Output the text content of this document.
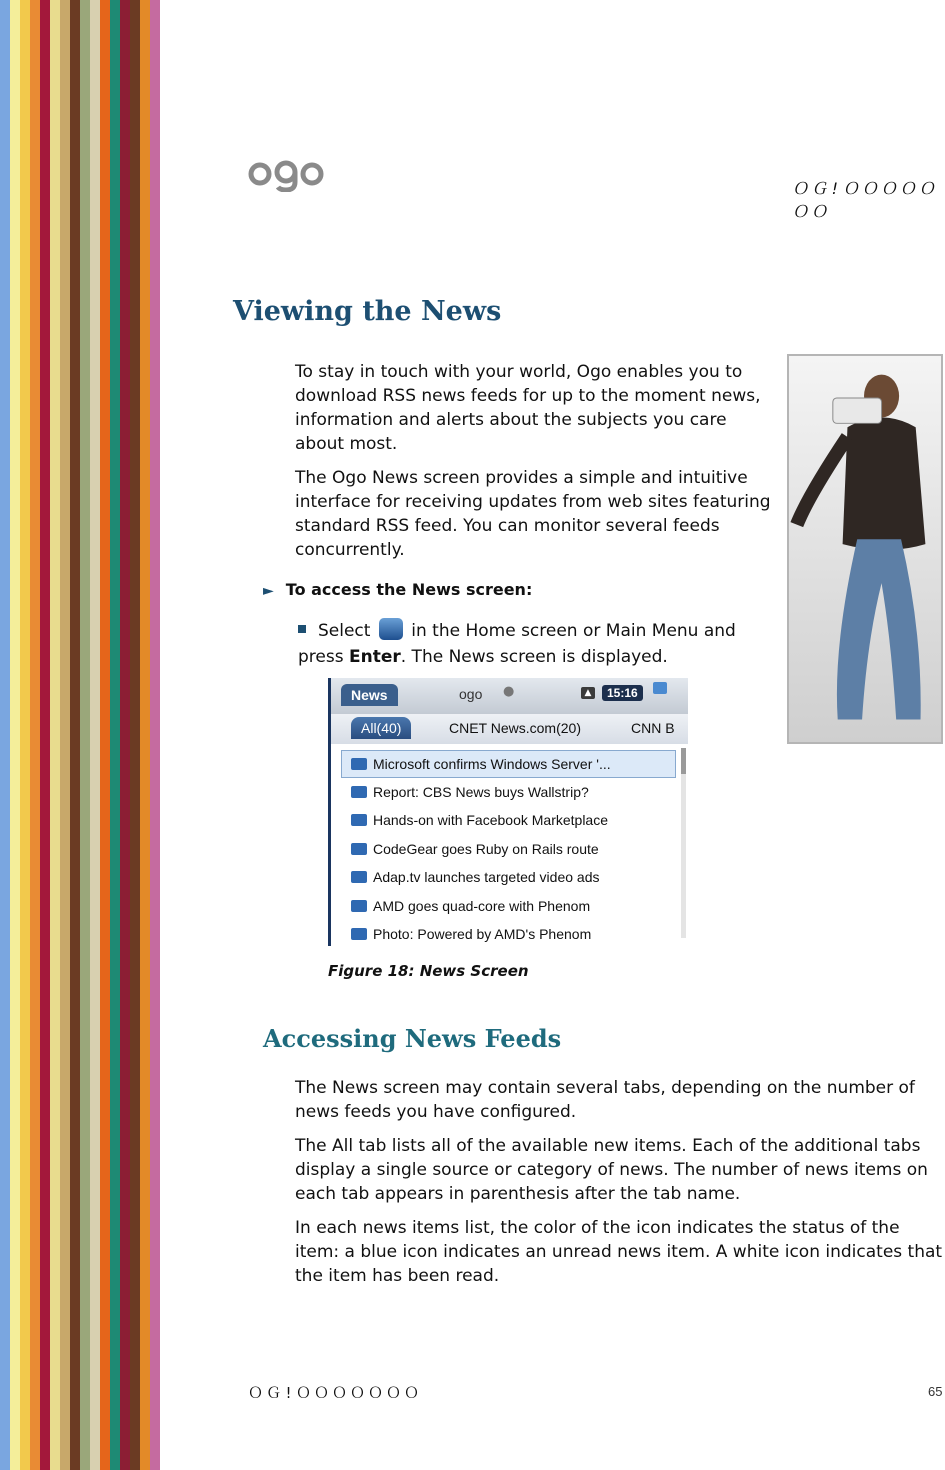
ＯＧ!ＯＯＯＯＯＯＯ
Viewing the News

To stay in touch with your world, Ogo enables you to download RSS news feeds for up to the moment news, information and alerts about the subjects you care about most.

The Ogo News screen provides a simple and intuitive interface for receiving updates from web sites featuring standard RSS feed. You can monitor several feeds concurrently.

► To access the News screen:
Select  in the Home screen or Main Menu and press Enter. The News screen is displayed.
News	ogo ●	▲	15:16
All(40)	CNET News.com(20)	CNN B
Microsoft confirms Windows Server '...
Report: CBS News buys Wallstrip?
Hands-on with Facebook Marketplace
CodeGear goes Ruby on Rails route
Adap.tv launches targeted video ads
AMD goes quad-core with Phenom
Photo: Powered by AMD's Phenom
Figure 18: News Screen
Accessing News Feeds

The News screen may contain several tabs, depending on the number of news feeds you have configured.

The All tab lists all of the available new items. Each of the additional tabs display a single source or category of news. The number of news items on each tab appears in parenthesis after the tab name.

In each news items list, the color of the icon indicates the status of the item: a blue icon indicates an unread news item. A white icon indicates that the item has been read.

ＯＧ!ＯＯＯＯＯＯＯ	65
